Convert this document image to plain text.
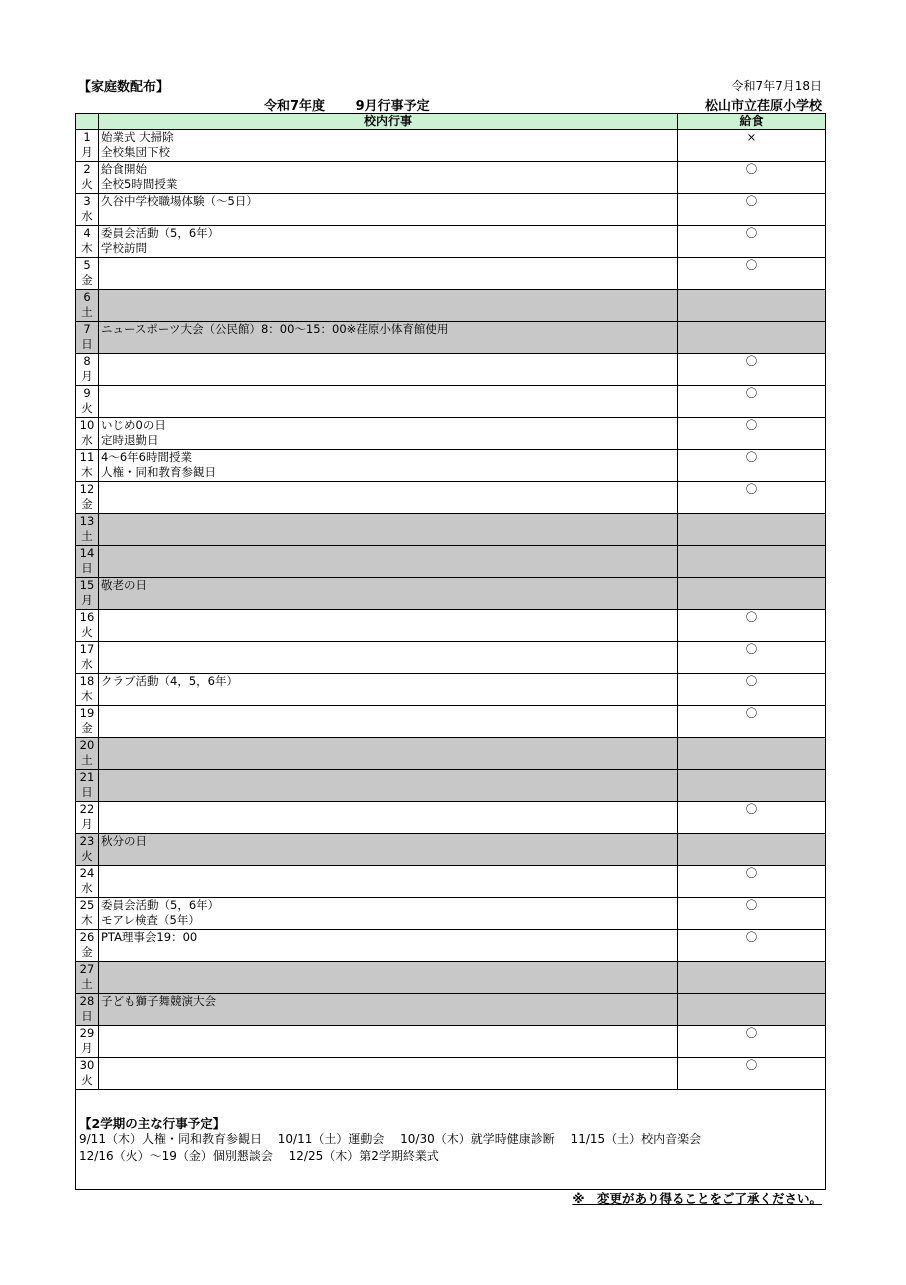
【家庭数配布】	令和7年7月18日
令和7年度　　 9月行事予定	松山市立荏原小学校
	校内行事	給食

1
月	始業式 大掃除
全校集団下校	×

2
火	給食開始
全校5時間授業	〇

3
水	久谷中学校職場体験（～5日）	〇

4
木	委員会活動（5，6年）
学校訪問	〇

5
金		〇

6
土		

7
日	ニュースポーツ大会（公民館）8：00～15：00※荏原小体育館使用	

8
月		〇

9
火		〇

10
水	いじめ0の日
定時退勤日	〇

11
木	4～6年6時間授業
人権・同和教育参観日	〇

12
金		〇

13
土		

14
日		

15
月	敬老の日	

16
火		〇

17
水		〇

18
木	クラブ活動（4，5，6年）	〇

19
金		〇

20
土		

21
日		

22
月		〇

23
火	秋分の日	

24
水		〇

25
木	委員会活動（5，6年）
モアレ検査（5年）	〇

26
金	PTA理事会19：00	〇

27
土		

28
日	子ども獅子舞競演大会	

29
月		〇

30
火		〇
【2学期の主な行事予定】
9/11（木）人権・同和教育参観日　 10/11（土）運動会　 10/30（木）就学時健康診断　 11/15（土）校内音楽会
12/16（火）～19（金）個別懇談会　 12/25（木）第2学期終業式
※　変更があり得ることをご了承ください。
